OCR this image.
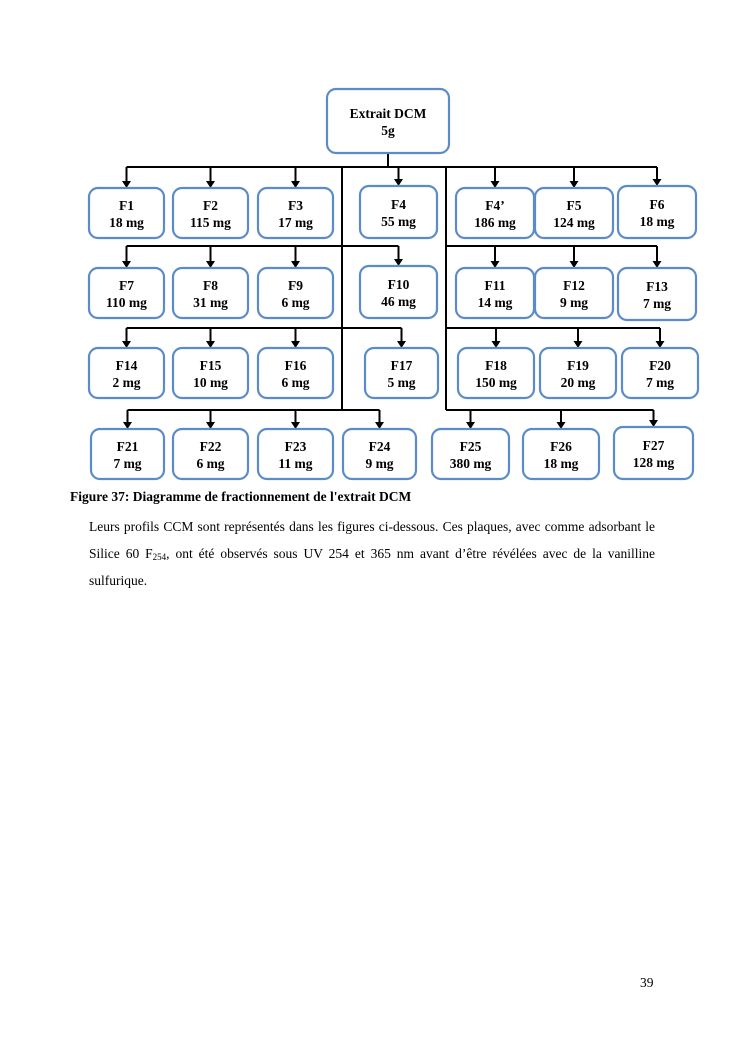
Extrait DCM
5g
F1
18 mg
F2
115 mg
F3
17 mg
F4
55 mg
F4’
186 mg
F5
124 mg
F6
18 mg
F7
110 mg
F8
31 mg
F9
6 mg
F10
46 mg
F11
14 mg
F12
9 mg
F13
7 mg
F14
2 mg
F15
10 mg
F16
6 mg
F17
5 mg
F18
150 mg
F19
20 mg
F20
7 mg
F21
7 mg
F22
6 mg
F23
11 mg
F24
9 mg
F25
380 mg
F26
18 mg
F27
128 mg
Figure 37: Diagramme de fractionnement de l'extrait DCM

Leurs profils CCM sont représentés dans les figures ci-dessous. Ces plaques, avec comme adsorbant le Silice 60 $F_{254}$, ont été observés sous UV 254 et 365 nm avant d’être révélées avec de la vanilline sulfurique.

39
